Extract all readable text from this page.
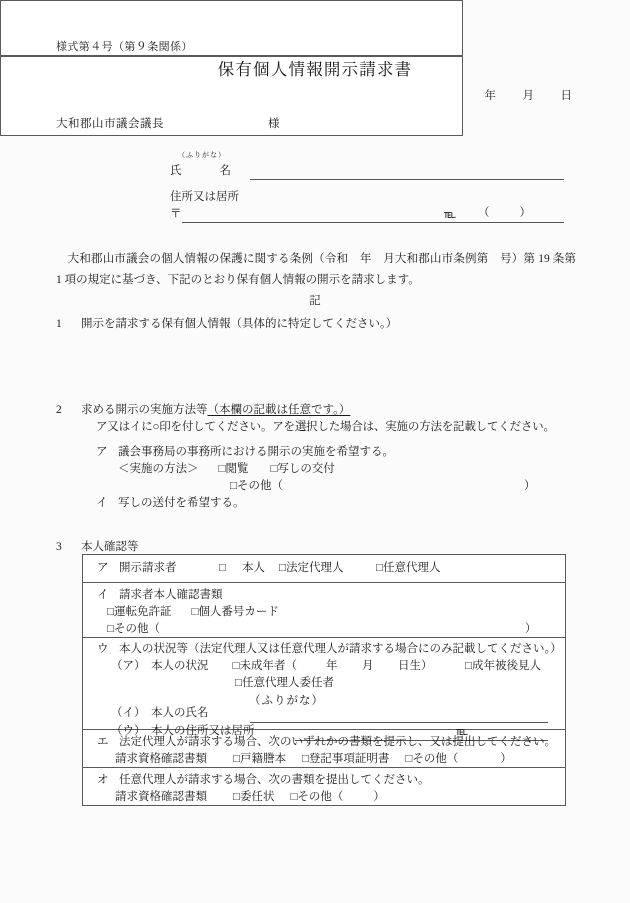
様式第４号（第９条関係）
保有個人情報開示請求書
年 月 日
大和郡山市議会議長	様
（ふりがな）
氏	名
住所又は居所
〒	TEL.	（	）
　大和郡山市議会の個人情報の保護に関する条例（令和　年　月大和郡山市条例第　号）第 19 条第 1 項の規定に基づき、下記のとおり保有個人情報の開示を請求します。
記
1 開示を請求する保有個人情報（具体的に特定してください。）
2 求める開示の実施方法等（本欄の記載は任意です。）
ア又はイに○印を付してください。アを選択した場合は、実施の方法を記載してください。
ア 議会事務局の事務所における開示の実施を希望する。
＜実施の方法＞ □閲覧 □写しの交付
□その他（	）
イ 写しの送付を希望する。
3 本人確認等
ア 開示請求者	□ 本人 □法定代理人	□任意代理人
イ 請求者本人確認書類
□運転免許証 □個人番号カード
□その他（	）
ウ 本人の状況等（法定代理人又は任意代理人が請求する場合にのみ記載してください。）
（ア） 本人の状況 □未成年者（	年 月 日生）	□成年被後見人
□任意代理人委任者
（ふりがな）
（イ） 本人の氏名
（ウ） 本人の住所又は居所	TEL.
エ 法定代理人が請求する場合、次のいずれかの書類を提示し、又は提出してください。
請求資格確認書類 □戸籍謄本 □登記事項証明書 □その他（	）
オ 任意代理人が請求する場合、次の書類を提出してください。
請求資格確認書類 □委任状 □その他（	）
